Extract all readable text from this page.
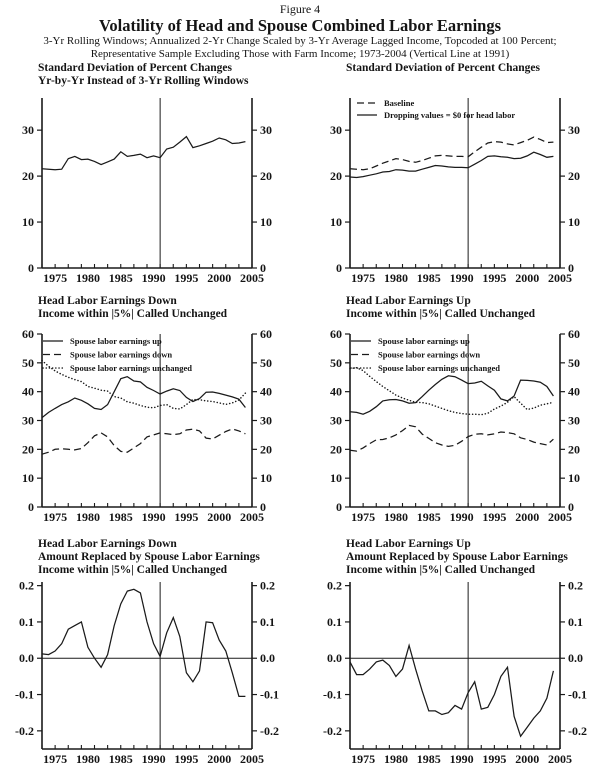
Figure 4
Volatility of Head and Spouse Combined Labor Earnings
3-Yr Rolling Windows; Annualized 2-Yr Change Scaled by 3-Yr Average Lagged Income, Topcoded at 100 Percent;
Representative Sample Excluding Those with Farm Income; 1973-2004 (Vertical Line at 1991)
Standard Deviation of Percent Changes
Yr-by-Yr Instead of 3-Yr Rolling Windows
0	0
10	10
20	20
30	30
1975 1980 1985 1990 1995 2000 2005
Standard Deviation of Percent Changes
0	0
10	10
20	20
30	30
1975 1980 1985 1990 1995 2000 2005
Baseline
Dropping values = $0 for head labor
Head Labor Earnings Down
Income within |5%| Called Unchanged
0	0
10	10
20	20
30	30
40	40
50	50
60	60
1975 1980 1985 1990 1995 2000 2005
Spouse labor earnings up
Spouse labor earnings down
Spouse labor earnings unchanged
Head Labor Earnings Up
Income within |5%| Called Unchanged
0	0
10	10
20	20
30	30
40	40
50	50
60	60
1975 1980 1985 1990 1995 2000 2005
Spouse labor earnings up
Spouse labor earnings down
Spouse labor earnings unchanged
Head Labor Earnings Down
Amount Replaced by Spouse Labor Earnings
Income within |5%| Called Unchanged
0.2	0.2
0.1	0.1
0.0	0.0
-0.1	-0.1
-0.2	-0.2
1975 1980 1985 1990 1995 2000 2005
Head Labor Earnings Up
Amount Replaced by Spouse Labor Earnings
Income within |5%| Called Unchanged
0.2	0.2
0.1	0.1
0.0	0.0
-0.1	-0.1
-0.2	-0.2
1975 1980 1985 1990 1995 2000 2005
